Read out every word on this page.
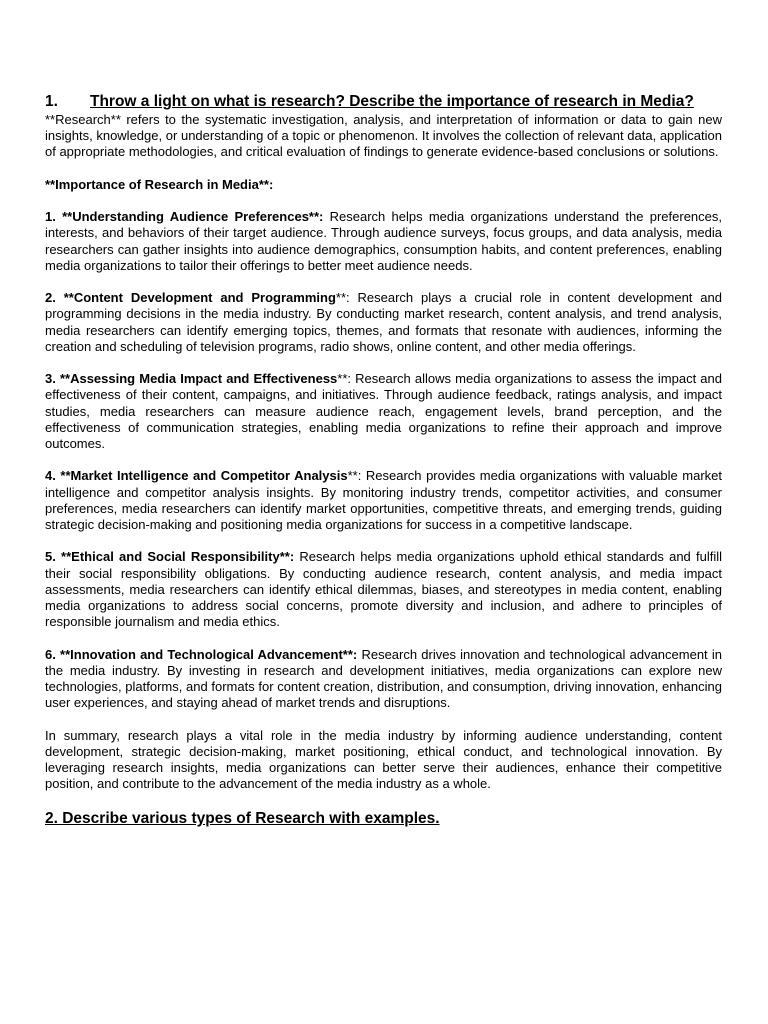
1. Throw a light on what is research? Describe the importance of research in Media?

**Research** refers to the systematic investigation, analysis, and interpretation of information or data to gain new insights, knowledge, or understanding of a topic or phenomenon. It involves the collection of relevant data, application of appropriate methodologies, and critical evaluation of findings to generate evidence-based conclusions or solutions.

**Importance of Research in Media**:

1. **Understanding Audience Preferences**: Research helps media organizations understand the preferences, interests, and behaviors of their target audience. Through audience surveys, focus groups, and data analysis, media researchers can gather insights into audience demographics, consumption habits, and content preferences, enabling media organizations to tailor their offerings to better meet audience needs.

2. **Content Development and Programming**: Research plays a crucial role in content development and programming decisions in the media industry. By conducting market research, content analysis, and trend analysis, media researchers can identify emerging topics, themes, and formats that resonate with audiences, informing the creation and scheduling of television programs, radio shows, online content, and other media offerings.

3. **Assessing Media Impact and Effectiveness**: Research allows media organizations to assess the impact and effectiveness of their content, campaigns, and initiatives. Through audience feedback, ratings analysis, and impact studies, media researchers can measure audience reach, engagement levels, brand perception, and the effectiveness of communication strategies, enabling media organizations to refine their approach and improve outcomes.

4. **Market Intelligence and Competitor Analysis**: Research provides media organizations with valuable market intelligence and competitor analysis insights. By monitoring industry trends, competitor activities, and consumer preferences, media researchers can identify market opportunities, competitive threats, and emerging trends, guiding strategic decision-making and positioning media organizations for success in a competitive landscape.

5. **Ethical and Social Responsibility**: Research helps media organizations uphold ethical standards and fulfill their social responsibility obligations. By conducting audience research, content analysis, and media impact assessments, media researchers can identify ethical dilemmas, biases, and stereotypes in media content, enabling media organizations to address social concerns, promote diversity and inclusion, and adhere to principles of responsible journalism and media ethics.

6. **Innovation and Technological Advancement**: Research drives innovation and technological advancement in the media industry. By investing in research and development initiatives, media organizations can explore new technologies, platforms, and formats for content creation, distribution, and consumption, driving innovation, enhancing user experiences, and staying ahead of market trends and disruptions.

In summary, research plays a vital role in the media industry by informing audience understanding, content development, strategic decision-making, market positioning, ethical conduct, and technological innovation. By leveraging research insights, media organizations can better serve their audiences, enhance their competitive position, and contribute to the advancement of the media industry as a whole.

2. Describe various types of Research with examples.
